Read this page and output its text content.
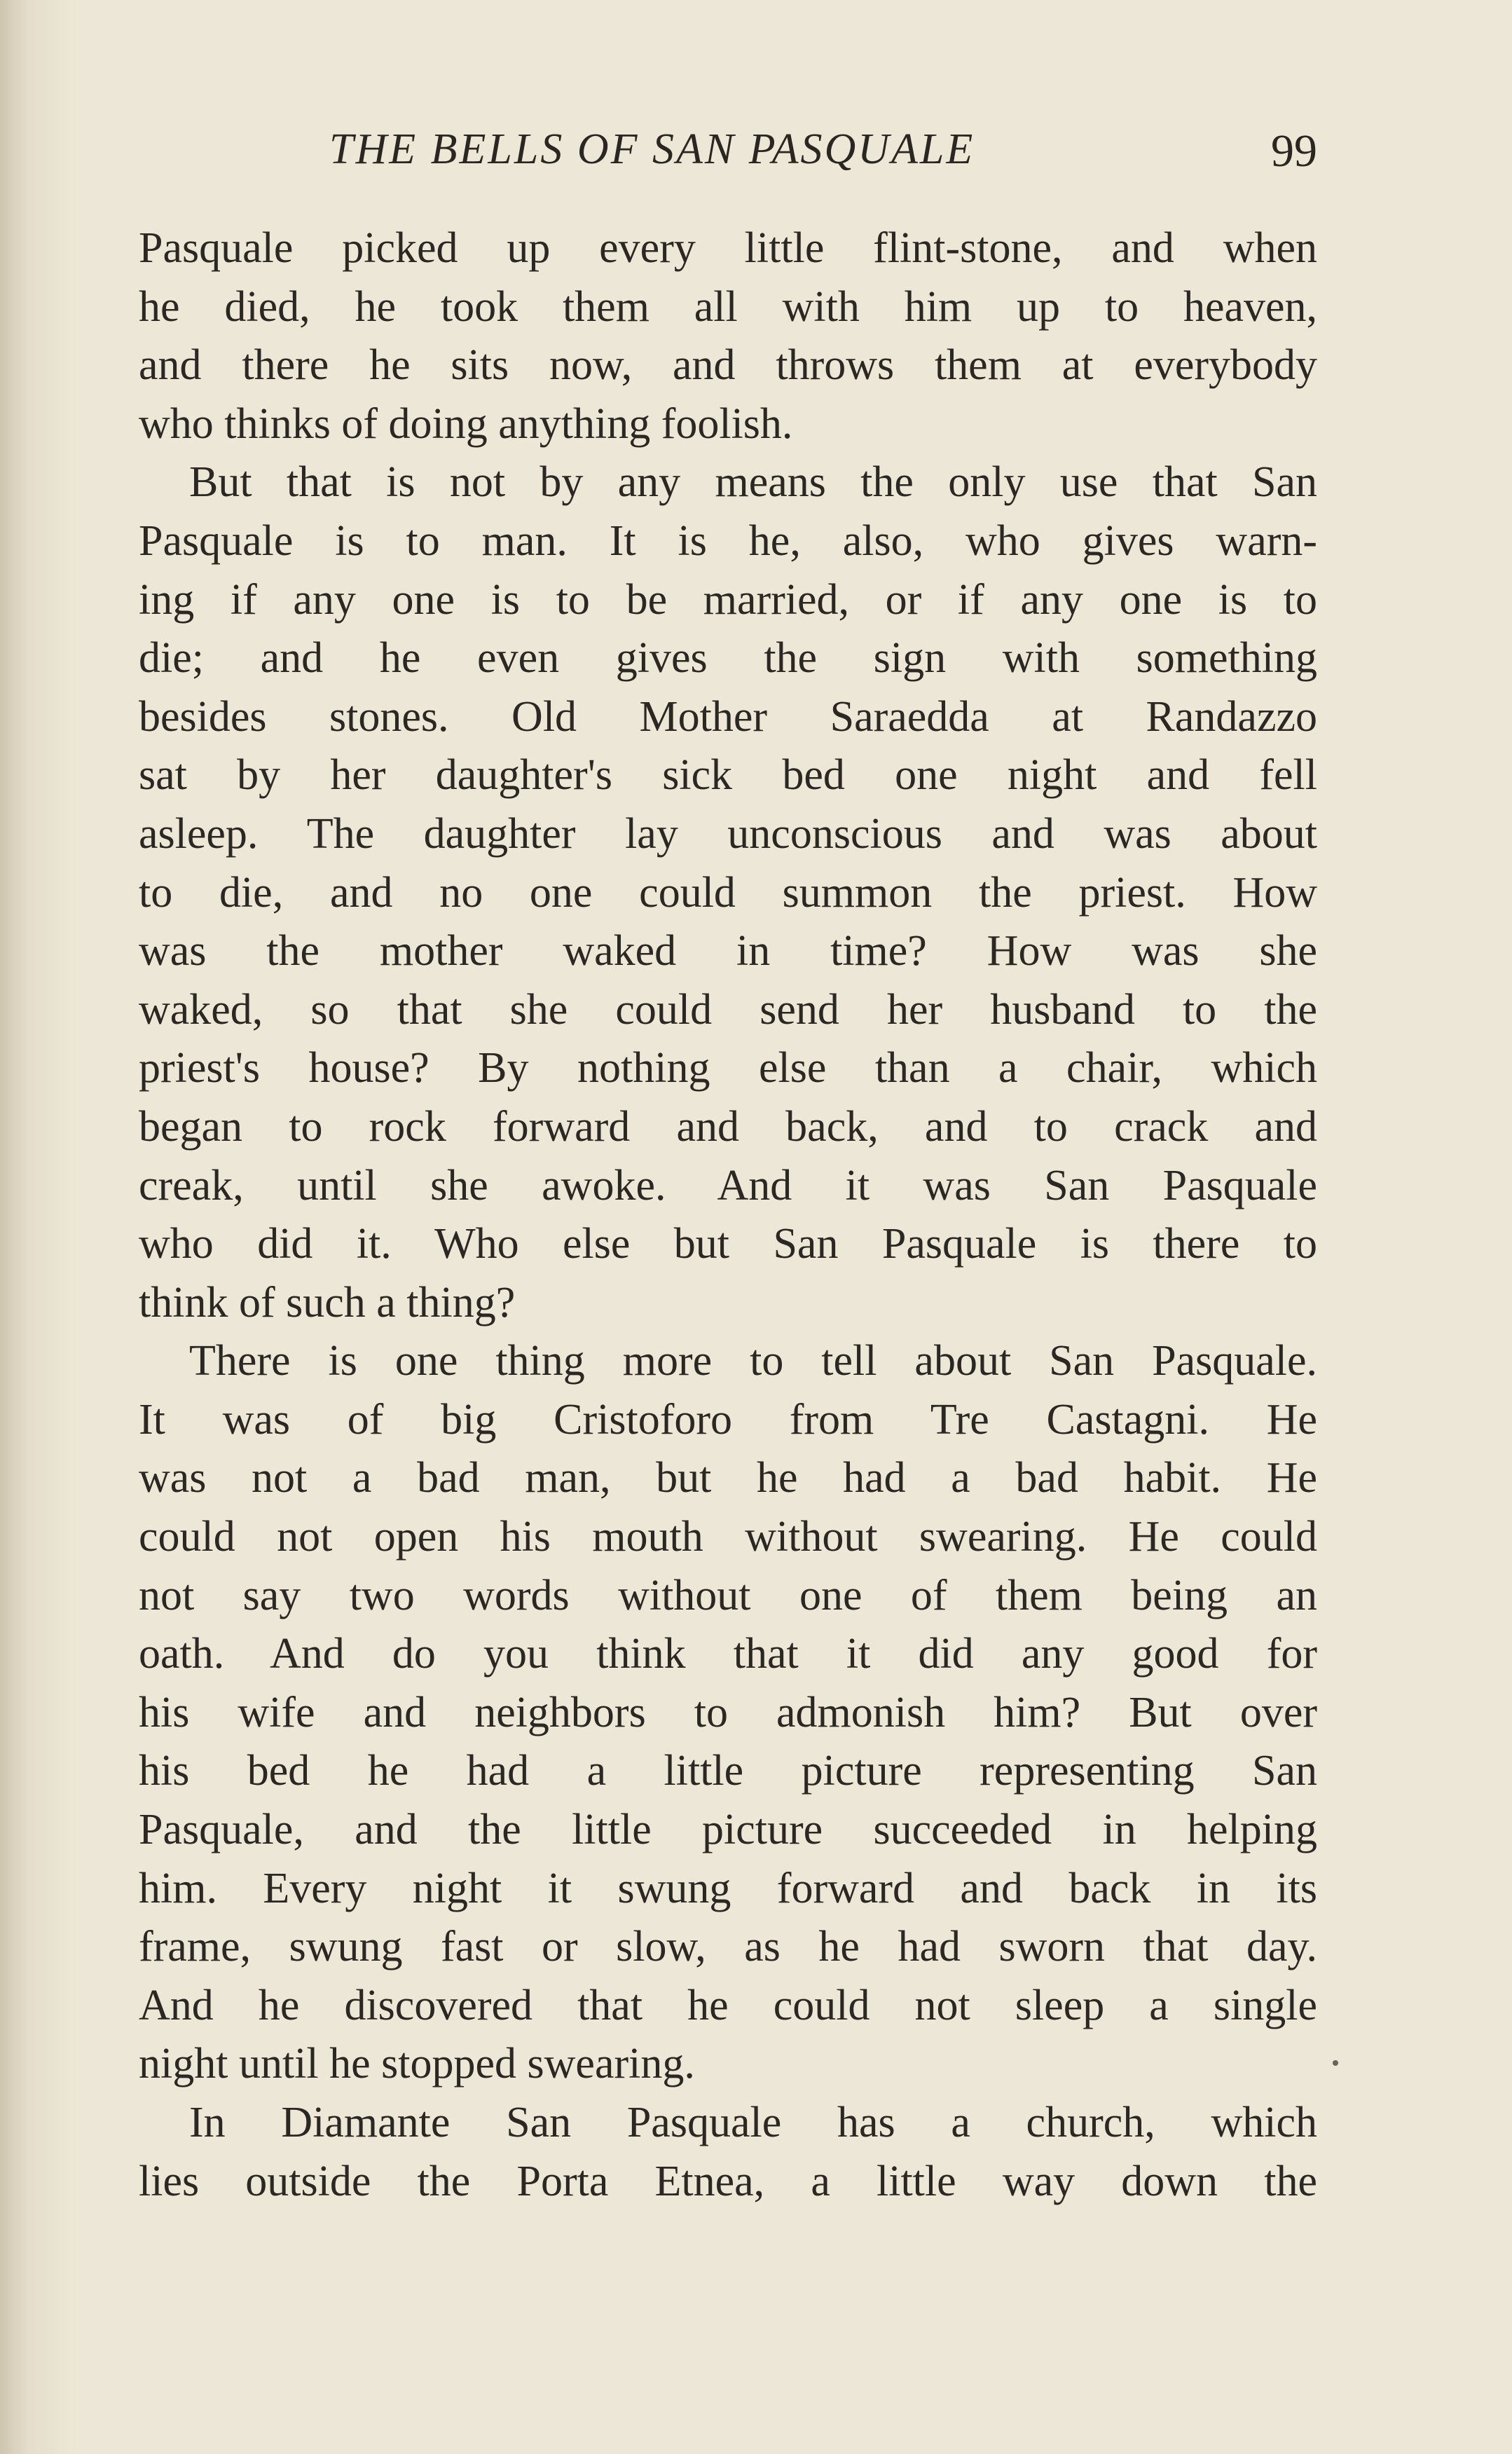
THE BELLS OF SAN PASQUALE	99
Pasquale picked up every little flint-stone, and when
he died, he took them all with him up to heaven,
and there he sits now, and throws them at everybody
who thinks of doing anything foolish.
But that is not by any means the only use that San
Pasquale is to man. It is he, also, who gives warn-
ing if any one is to be married, or if any one is to
die; and he even gives the sign with something
besides stones. Old Mother Saraedda at Randazzo
sat by her daughter's sick bed one night and fell
asleep. The daughter lay unconscious and was about
to die, and no one could summon the priest. How
was the mother waked in time? How was she
waked, so that she could send her husband to the
priest's house? By nothing else than a chair, which
began to rock forward and back, and to crack and
creak, until she awoke. And it was San Pasquale
who did it. Who else but San Pasquale is there to
think of such a thing?
There is one thing more to tell about San Pasquale.
It was of big Cristoforo from Tre Castagni. He
was not a bad man, but he had a bad habit. He
could not open his mouth without swearing. He could
not say two words without one of them being an
oath. And do you think that it did any good for
his wife and neighbors to admonish him? But over
his bed he had a little picture representing San
Pasquale, and the little picture succeeded in helping
him. Every night it swung forward and back in its
frame, swung fast or slow, as he had sworn that day.
And he discovered that he could not sleep a single
night until he stopped swearing.
In Diamante San Pasquale has a church, which
lies outside the Porta Etnea, a little way down the
